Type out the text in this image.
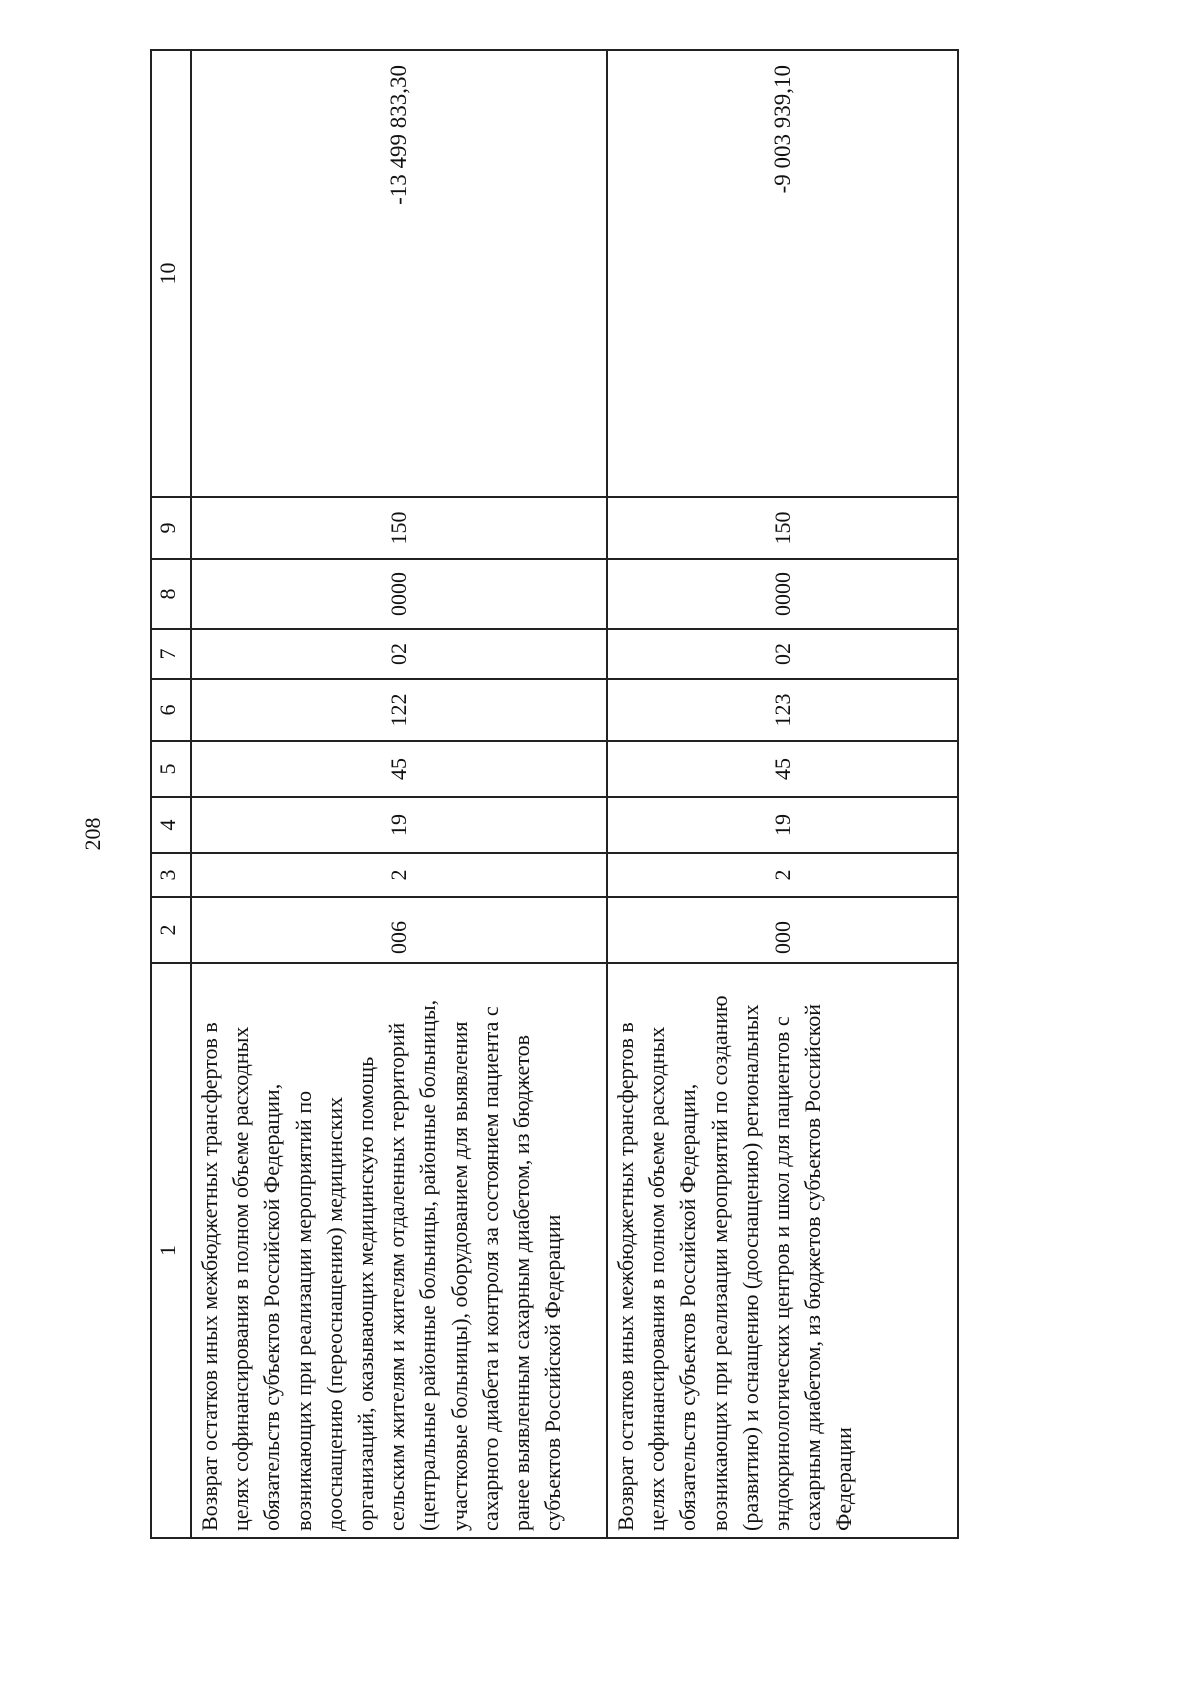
208
1	2	3	4	5	6	7	8	9	10
Возврат остатков иных межбюджетных трансфертов в целях софинансирования в полном объеме расходных обязательств субъектов Российской Федерации, возникающих при реализации мероприятий по дооснащению (переоснащению) медицинских организаций, оказывающих медицинскую помощь сельским жителям и жителям отдаленных территорий (центральные районные больницы, районные больницы, участковые больницы), оборудованием для выявления сахарного диабета и контроля за состоянием пациента с ранее выявленным сахарным диабетом, из бюджетов субъектов Российской Федерации	006	2	19	45	122	02	0000	150	-13 499 833,30
Возврат остатков иных межбюджетных трансфертов в целях софинансирования в полном объеме расходных обязательств субъектов Российской Федерации, возникающих при реализации мероприятий по созданию (развитию) и оснащению (дооснащению) региональных эндокринологических центров и школ для пациентов с сахарным диабетом, из бюджетов субъектов Российской Федерации	000	2	19	45	123	02	0000	150	-9 003 939,10
